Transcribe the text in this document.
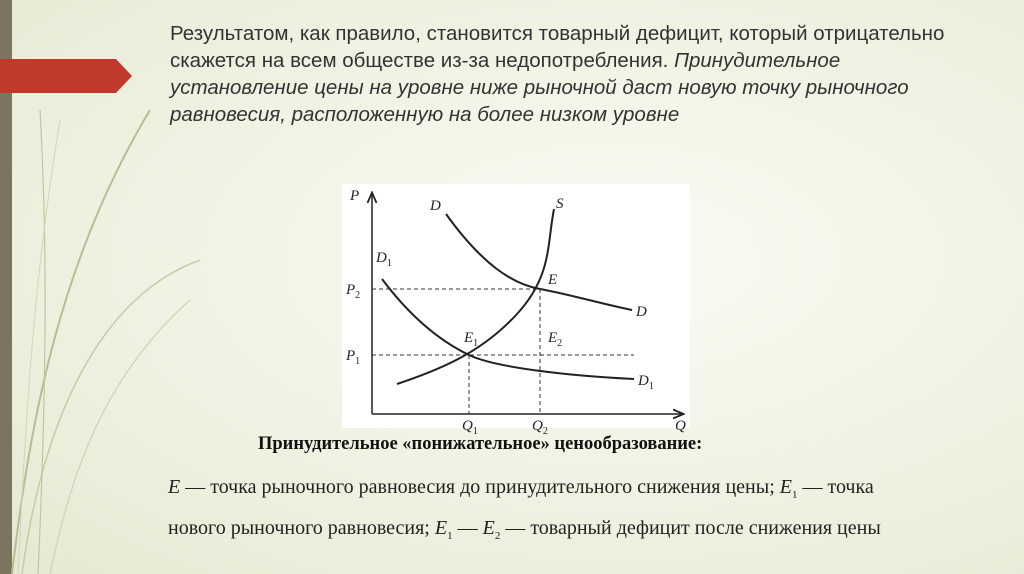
Результатом, как правило, становится товарный дефицит, который отрицательно скажется на всем обществе из-за недопотребления. Принудительное установление цены на уровне ниже рыночной даст новую точку рыночного равновесия, расположенную на более низком уровне

P
Q
D	S
D
$D_1$
$D_1$
E
$E_1$	$E_2$
$P_2$
$P_1$
$Q_1$	$Q_2$

Принудительное «понижательное» ценообразование:

E — точка рыночного равновесия до принудительного снижения цены; $E_1$ — точка нового рыночного равновесия; $E_1$ — $E_2$ — товарный дефицит после снижения цены
